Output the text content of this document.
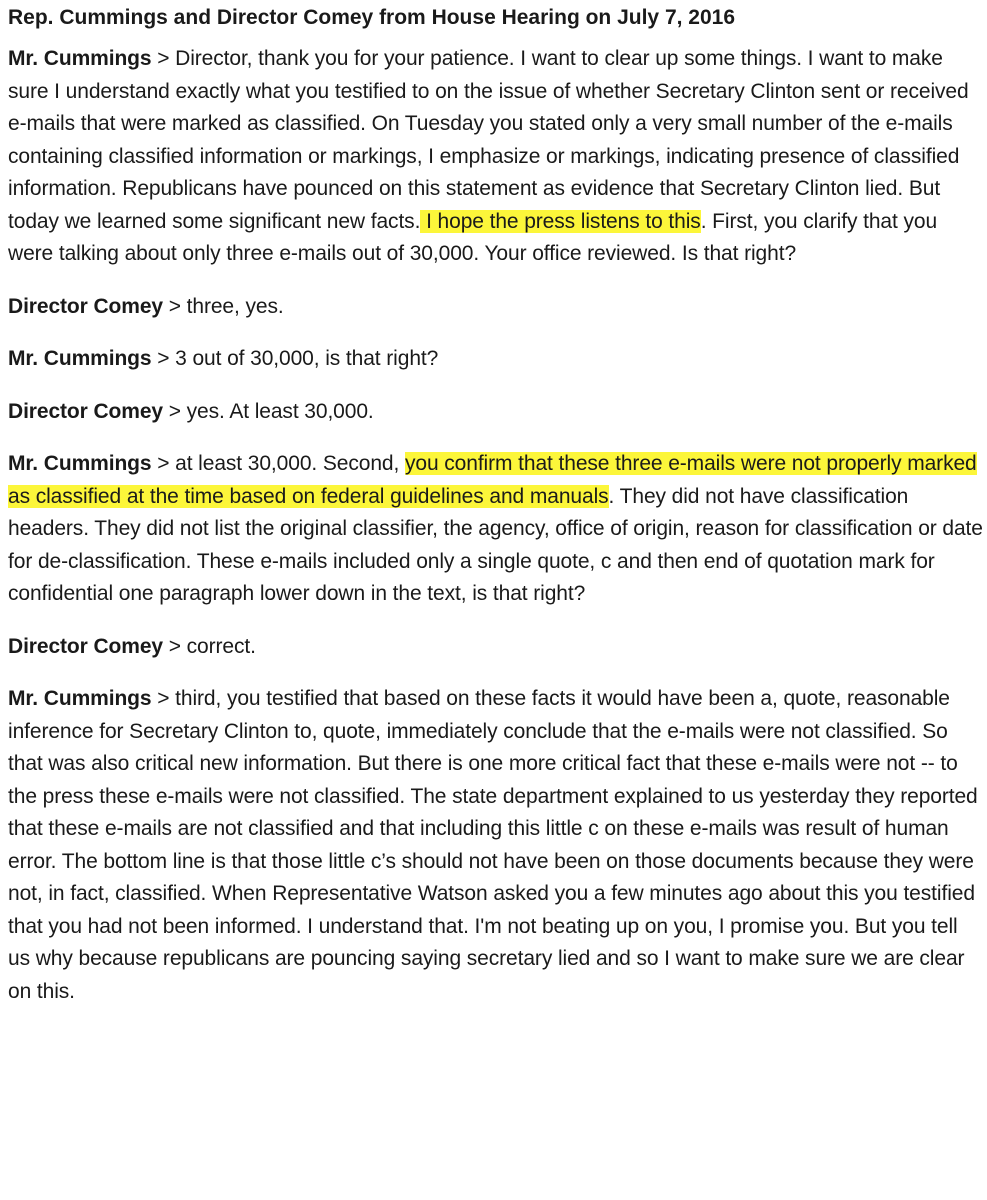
Rep. Cummings and Director Comey from House Hearing on July 7, 2016

Mr. Cummings > Director, thank you for your patience. I want to clear up some things. I want to make sure I understand exactly what you testified to on the issue of whether Secretary Clinton sent or received e-mails that were marked as classified. On Tuesday you stated only a very small number of the e-mails containing classified information or markings, I emphasize or markings, indicating presence of classified information. Republicans have pounced on this statement as evidence that Secretary Clinton lied. But today we learned some significant new facts. I hope the press listens to this. First, you clarify that you were talking about only three e-mails out of 30,000. Your office reviewed. Is that right?

Director Comey > three, yes.

Mr. Cummings > 3 out of 30,000, is that right?

Director Comey > yes. At least 30,000.

Mr. Cummings > at least 30,000. Second, you confirm that these three e-mails were not properly marked as classified at the time based on federal guidelines and manuals. They did not have classification headers. They did not list the original classifier, the agency, office of origin, reason for classification or date for de-classification. These e-mails included only a single quote, c and then end of quotation mark for confidential one paragraph lower down in the text, is that right?

Director Comey > correct.

Mr. Cummings > third, you testified that based on these facts it would have been a, quote, reasonable inference for Secretary Clinton to, quote, immediately conclude that the e-mails were not classified. So that was also critical new information. But there is one more critical fact that these e-mails were not -- to the press these e-mails were not classified. The state department explained to us yesterday they reported that these e-mails are not classified and that including this little c on these e-mails was result of human error. The bottom line is that those little c’s should not have been on those documents because they were not, in fact, classified. When Representative Watson asked you a few minutes ago about this you testified that you had not been informed. I understand that. I'm not beating up on you, I promise you. But you tell us why because republicans are pouncing saying secretary lied and so I want to make sure we are clear on this.
